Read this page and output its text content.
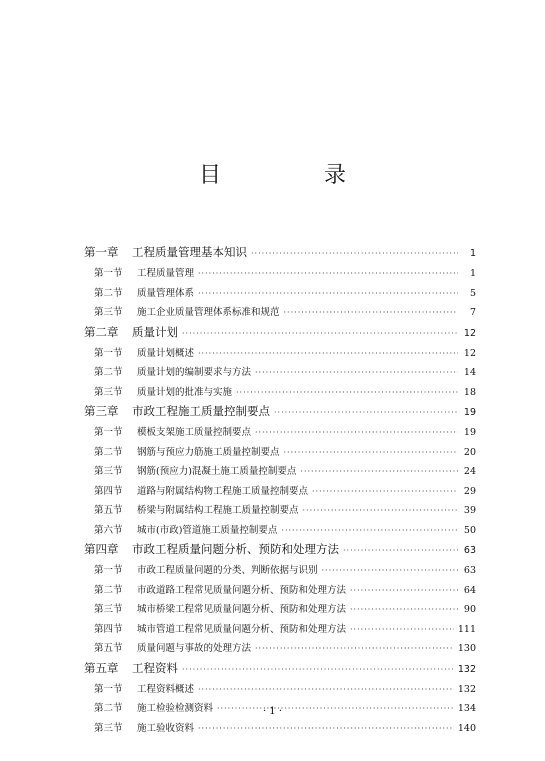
目 录
第一章	工程质量管理基本知识 ·····	1
第一节	工程质量管理 ·····	1
第二节	质量管理体系 ·····	5
第三节	施工企业质量管理体系标准和规范 ·····	7
第二章	质量计划 ·····	12
第一节	质量计划概述 ·····	12
第二节	质量计划的编制要求与方法 ·····	14
第三节	质量计划的批准与实施 ·····	18
第三章	市政工程施工质量控制要点 ·····	19
第一节	模板支架施工质量控制要点 ·····	19
第二节	钢筋与预应力筋施工质量控制要点 ·····	20
第三节	钢筋(预应力)混凝土施工质量控制要点 ·····	24
第四节	道路与附属结构物工程施工质量控制要点 ·····	29
第五节	桥梁与附属结构工程施工质量控制要点 ·····	39
第六节	城市(市政)管道施工质量控制要点 ·····	50
第四章	市政工程质量问题分析、预防和处理方法 ·····	63
第一节	市政工程质量问题的分类、判断依据与识别 ·····	63
第二节	市政道路工程常见质量问题分析、预防和处理方法 ·····	64
第三节	城市桥梁工程常见质量问题分析、预防和处理方法 ·····	90
第四节	城市管道工程常见质量问题分析、预防和处理方法 ·····	111
第五节	质量问题与事故的处理方法 ·····	130
第五章	工程资料 ·····	132
第一节	工程资料概述 ·····	132
第二节	施工检验检测资料 ·····	134
第三节	施工验收资料 ·····	140
· 1 ·
